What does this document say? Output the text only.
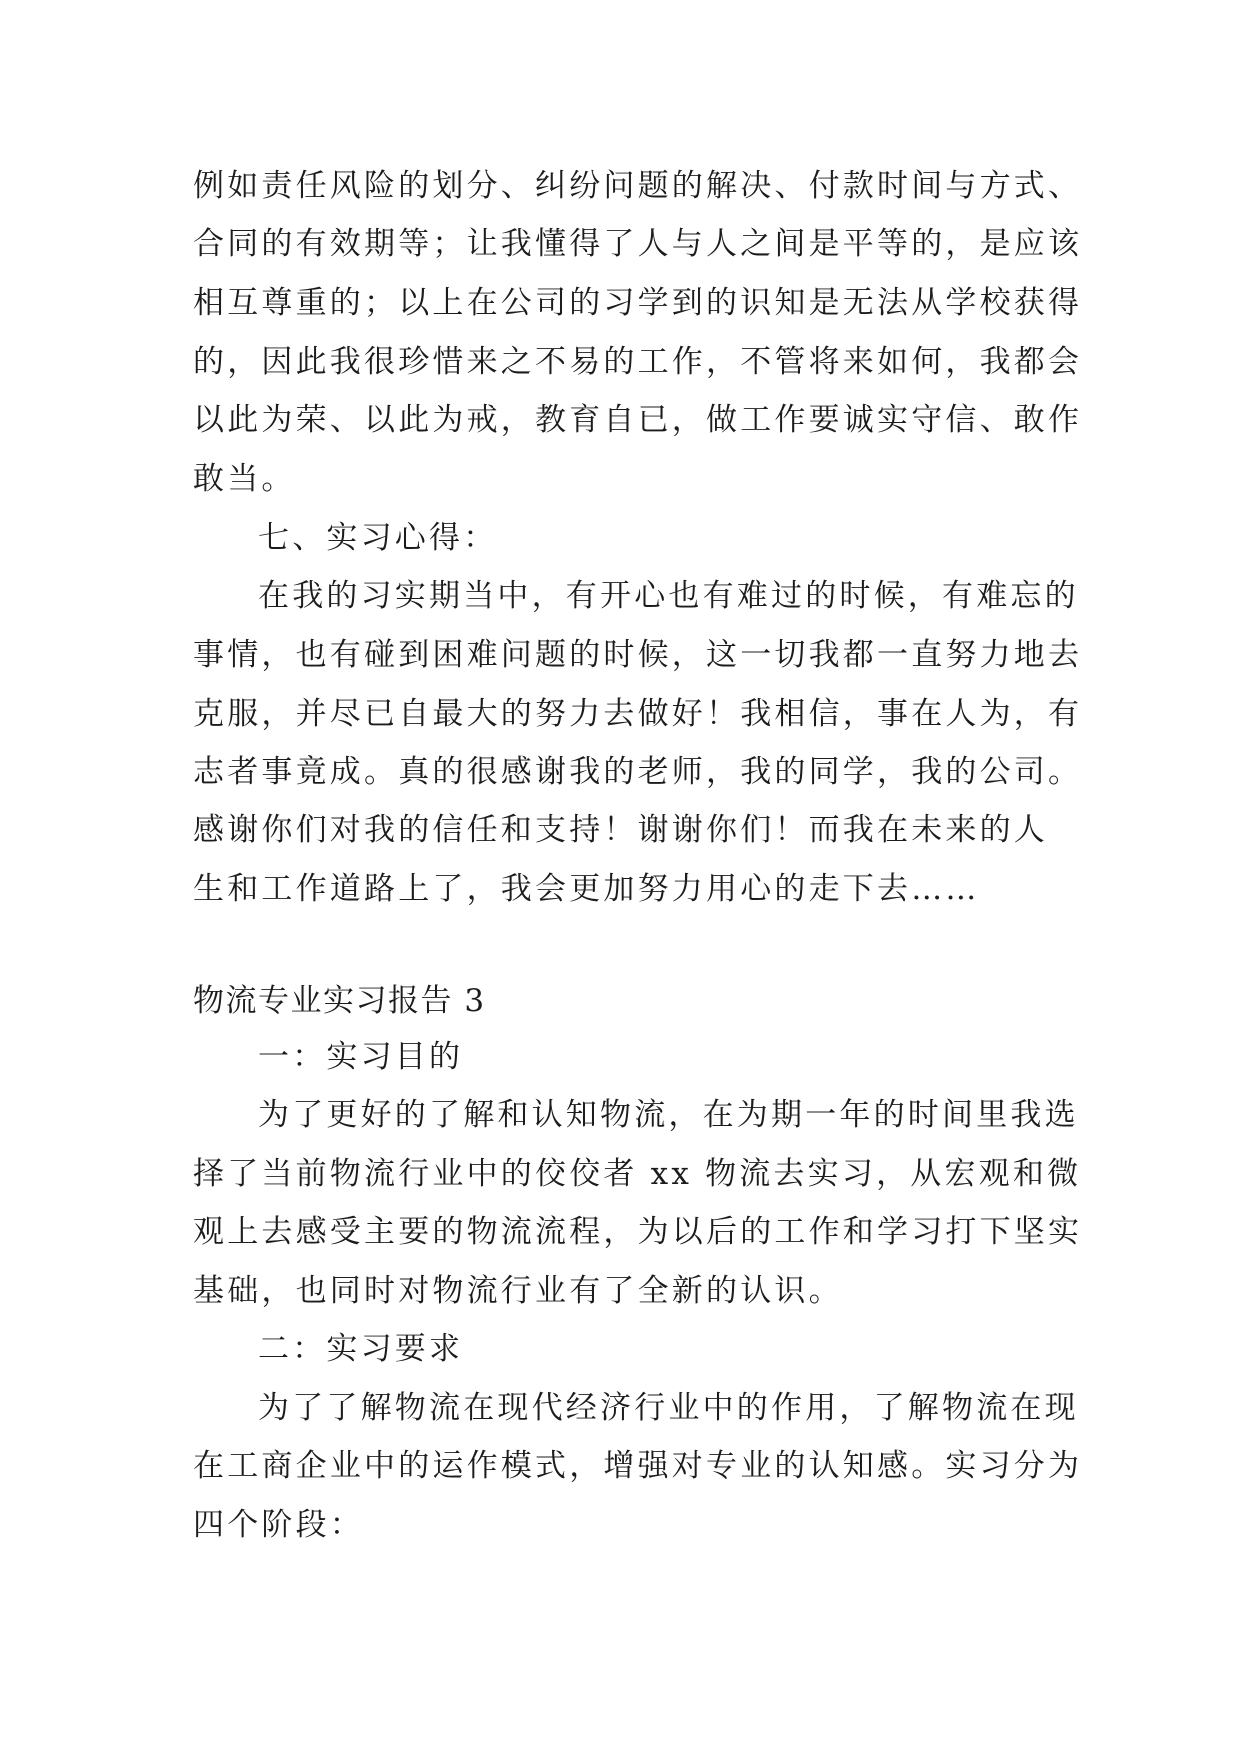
例如责任风险的划分、纠纷问题的解决、付款时间与方式、
合同的有效期等；让我懂得了人与人之间是平等的，是应该
相互尊重的；以上在公司的习学到的识知是无法从学校获得
的，因此我很珍惜来之不易的工作，不管将来如何，我都会
以此为荣、以此为戒，教育自已，做工作要诚实守信、敢作
敢当。
七、实习心得：
在我的习实期当中，有开心也有难过的时候，有难忘的
事情，也有碰到困难问题的时候，这一切我都一直努力地去
克服，并尽已自最大的努力去做好！我相信，事在人为，有
志者事竟成。真的很感谢我的老师，我的同学，我的公司。
感谢你们对我的信任和支持！谢谢你们！而我在未来的人
生和工作道路上了，我会更加努力用心的走下去……
物流专业实习报告 3
一：实习目的
为了更好的了解和认知物流，在为期一年的时间里我选
择了当前物流行业中的佼佼者 xx 物流去实习，从宏观和微
观上去感受主要的物流流程，为以后的工作和学习打下坚实
基础，也同时对物流行业有了全新的认识。
二：实习要求
为了了解物流在现代经济行业中的作用，了解物流在现
在工商企业中的运作模式，增强对专业的认知感。实习分为
四个阶段：
